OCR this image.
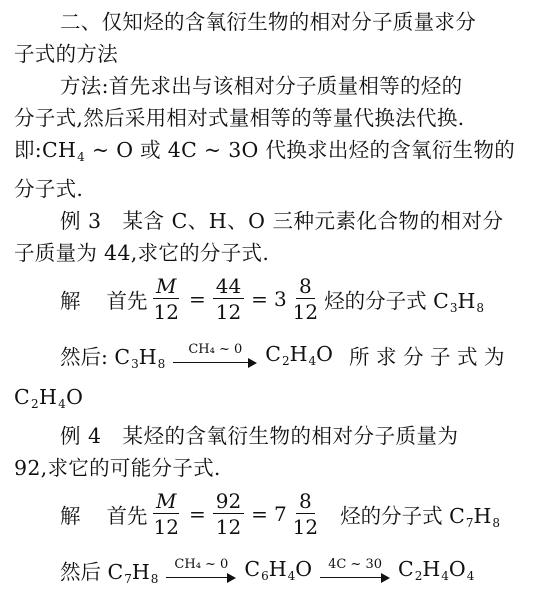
二、仅知烃的含氧衍生物的相对分子质量求分
子式的方法
方法:首先求出与该相对分子质量相等的烃的
分子式,然后采用相对式量相等的等量代换法代换.
即$:CH_4$ ~ O 或 4C ~ 3O 代换求出烃的含氧衍生物的
分子式.
例 3　某含 C、H、O 三种元素化合物的相对分
子质量为 44,求它的分子式.
解 首先 $\frac{M}{12} = \frac{44}{12} = 3 \frac{8}{12}$ 烃的分子式 $C_3H_8$
然后: $C_3H_8$
CH₄ ~ 0 $C_2H_4O$ 所 求 分 子 式 为
$C_2H_4O$
例 4　某烃的含氧衍生物的相对分子质量为
92,求它的可能分子式.
解 首先 $\frac{M}{12} = \frac{92}{12} = 7 \frac{8}{12}$ 烃的分子式 $C_7H_8$
然后 $C_7H_8$
CH₄ ~ 0 $C_6H_4O$ 4C ~ 30 $C_2H_4O_4$
